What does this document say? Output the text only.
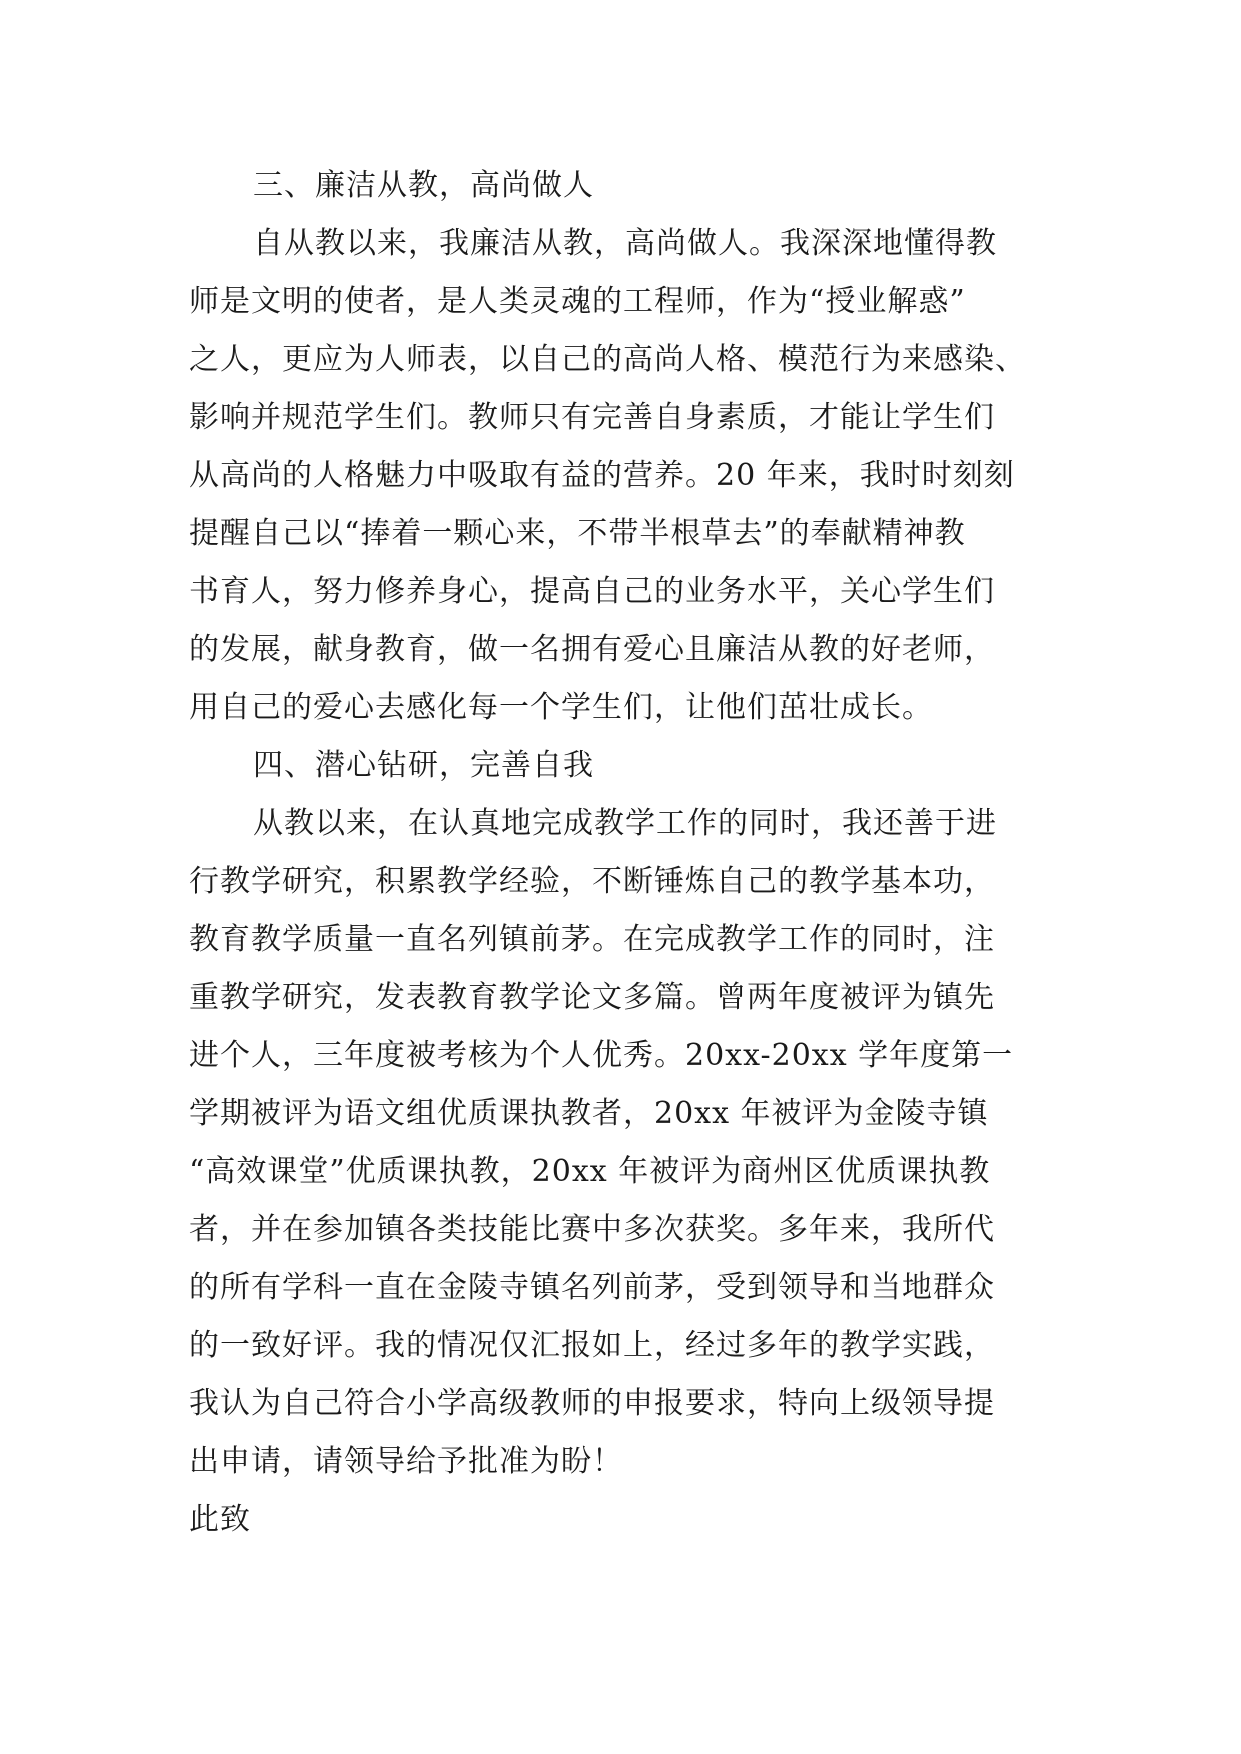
三、廉洁从教，高尚做人
自从教以来，我廉洁从教，高尚做人。我深深地懂得教
师是文明的使者，是人类灵魂的工程师，作为“授业解惑”
之人，更应为人师表，以自己的高尚人格、模范行为来感染、
影响并规范学生们。教师只有完善自身素质，才能让学生们
从高尚的人格魅力中吸取有益的营养。20 年来，我时时刻刻
提醒自己以“捧着一颗心来，不带半根草去”的奉献精神教
书育人，努力修养身心，提高自己的业务水平，关心学生们
的发展，献身教育，做一名拥有爱心且廉洁从教的好老师，
用自己的爱心去感化每一个学生们，让他们茁壮成长。
四、潜心钻研，完善自我
从教以来，在认真地完成教学工作的同时，我还善于进
行教学研究，积累教学经验，不断锤炼自己的教学基本功，
教育教学质量一直名列镇前茅。在完成教学工作的同时，注
重教学研究，发表教育教学论文多篇。曾两年度被评为镇先
进个人，三年度被考核为个人优秀。20xx-20xx 学年度第一
学期被评为语文组优质课执教者，20xx 年被评为金陵寺镇
“高效课堂”优质课执教，20xx 年被评为商州区优质课执教
者，并在参加镇各类技能比赛中多次获奖。多年来，我所代
的所有学科一直在金陵寺镇名列前茅，受到领导和当地群众
的一致好评。我的情况仅汇报如上，经过多年的教学实践，
我认为自己符合小学高级教师的申报要求，特向上级领导提
出申请，请领导给予批准为盼！
此致
